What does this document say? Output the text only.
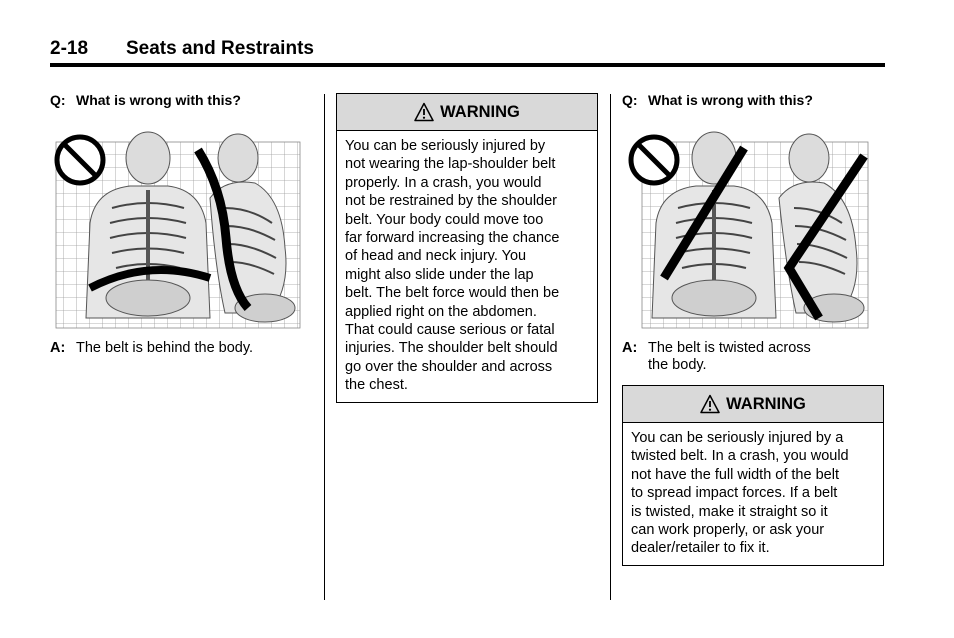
2-18 Seats and Restraints
Q: What is wrong with this?
A: The belt is behind the body.
WARNING
You can be seriously injured by
not wearing the lap-shoulder belt
properly. In a crash, you would
not be restrained by the shoulder
belt. Your body could move too
far forward increasing the chance
of head and neck injury. You
might also slide under the lap
belt. The belt force would then be
applied right on the abdomen.
That could cause serious or fatal
injuries. The shoulder belt should
go over the shoulder and across
the chest.
Q: What is wrong with this?
A: The belt is twisted across
the body.
WARNING
You can be seriously injured by a
twisted belt. In a crash, you would
not have the full width of the belt
to spread impact forces. If a belt
is twisted, make it straight so it
can work properly, or ask your
dealer/retailer to fix it.
